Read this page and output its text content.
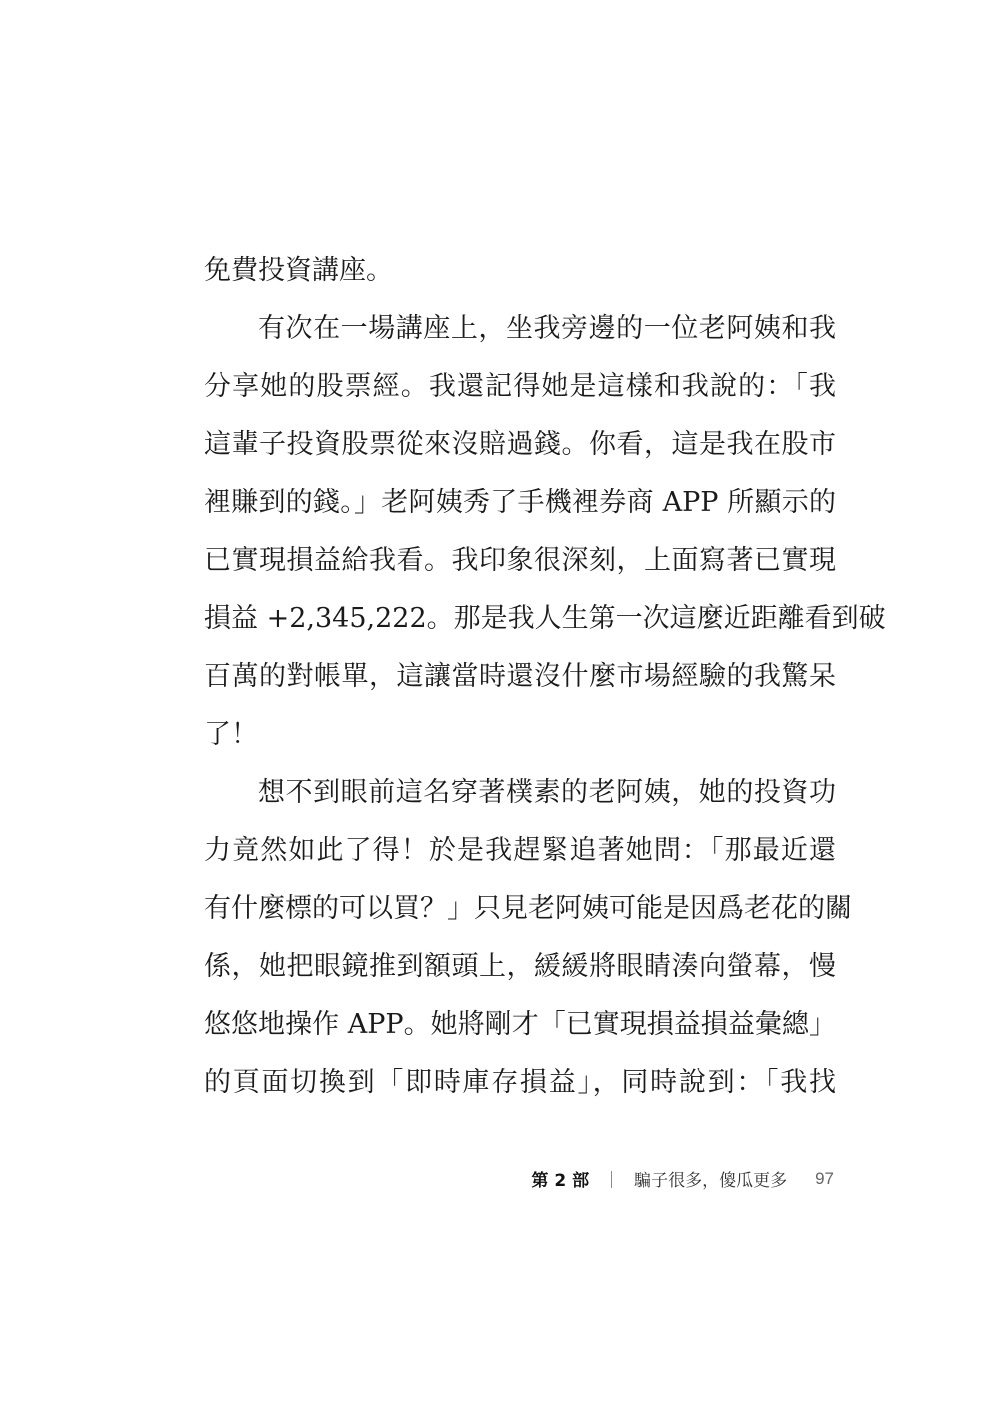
免費投資講座。
有次在一場講座上，坐我旁邊的一位老阿姨和我
分享她的股票經。我還記得她是這樣和我說的：「我
這輩子投資股票從來沒賠過錢。你看，這是我在股市
裡賺到的錢。」老阿姨秀了手機裡券商 APP 所顯示的
已實現損益給我看。我印象很深刻，上面寫著已實現
損益 +2,345,222。那是我人生第一次這麼近距離看到破
百萬的對帳單，這讓當時還沒什麼市場經驗的我驚呆
了！
想不到眼前這名穿著樸素的老阿姨，她的投資功
力竟然如此了得！於是我趕緊追著她問：「那最近還
有什麼標的可以買？」只見老阿姨可能是因爲老花的關
係，她把眼鏡推到額頭上，緩緩將眼睛湊向螢幕，慢
悠悠地操作 APP。她將剛才「已實現損益損益彙總」
的頁面切換到「即時庫存損益」，同時說到：「我找
第 2 部 ｜ 騙子很多，傻瓜更多 97
